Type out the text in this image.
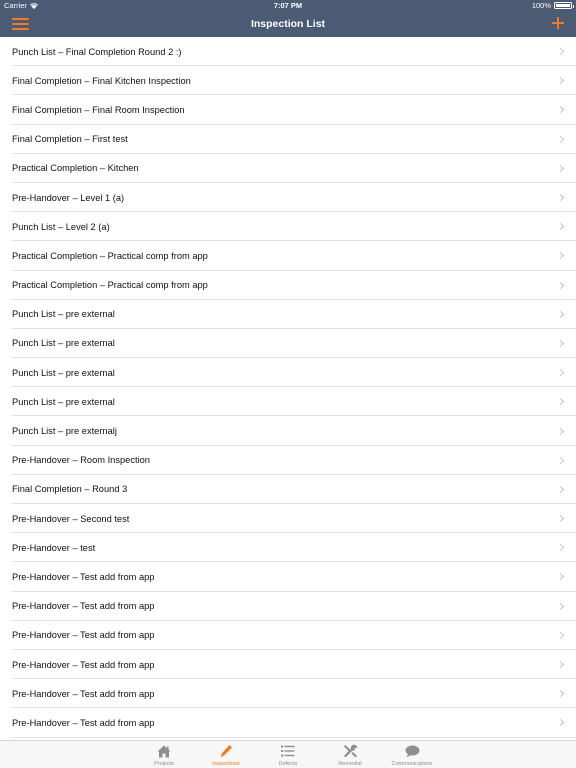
Carrier	7:07 PM	100%
Inspection List
Punch List – Final Completion Round 2 :)
Final Completion – Final Kitchen Inspection
Final Completion – Final Room Inspection
Final Completion – First test
Practical Completion – Kitchen
Pre-Handover – Level 1 (a)
Punch List – Level 2 (a)
Practical Completion – Practical comp from app
Practical Completion – Practical comp from app
Punch List – pre external
Punch List – pre external
Punch List – pre external
Punch List – pre external
Punch List – pre externalj
Pre-Handover – Room Inspection
Final Completion – Round 3
Pre-Handover – Second test
Pre-Handover – test
Pre-Handover – Test add from app
Pre-Handover – Test add from app
Pre-Handover – Test add from app
Pre-Handover – Test add from app
Pre-Handover – Test add from app
Pre-Handover – Test add from app
Projects	Inspections	Defects	Remedial	Communications
